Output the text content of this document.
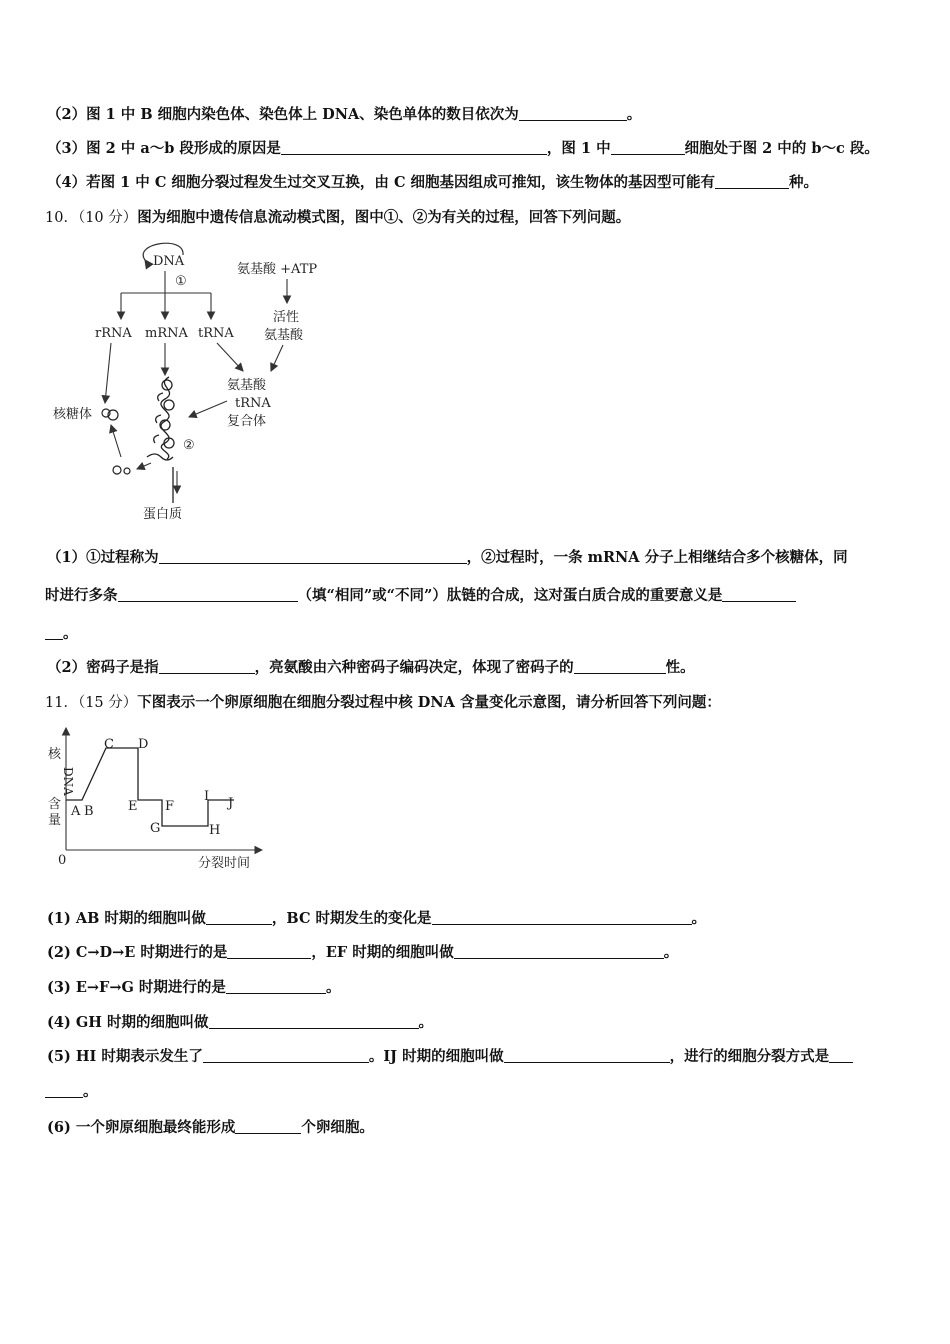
（2）图 1 中 B 细胞内染色体、染色体上 DNA、染色单体的数目依次为	。
（3）图 2 中 a～b 段形成的原因是	，图 1 中	细胞处于图 2 中的 b～c 段。
（4）若图 1 中 C 细胞分裂过程发生过交叉互换，由 C 细胞基因组成可推知，该生物体的基因型可能有	种。
10．（10 分）图为细胞中遗传信息流动模式图，图中①、②为有关的过程，回答下列问题。
DNA
①
rRNA mRNA tRNA
氨基酸 +ATP
活性
氨基酸
氨基酸
tRNA
复合体
②
蛋白质
核糖体
（1）①过程称为	，②过程时，一条 mRNA 分子上相继结合多个核糖体，同
时进行多条	（填“相同”或“不同”）肽链的合成，这对蛋白质合成的重要意义是
。
（2）密码子是指	，亮氨酸由六种密码子编码决定，体现了密码子的	性。
11．（15 分）下图表示一个卵原细胞在细胞分裂过程中核 DNA 含量变化示意图，请分析回答下列问题：
核
DNA
含
量
0	分裂时间
A B
C D
E F
G	H
I J
(1) AB 时期的细胞叫做	，BC 时期发生的变化是	。
(2) C→D→E 时期进行的是	，EF 时期的细胞叫做	。
(3) E→F→G 时期进行的是	。
(4) GH 时期的细胞叫做	。
(5) HI 时期表示发生了	。IJ 时期的细胞叫做	，进行的细胞分裂方式是
。
(6) 一个卵原细胞最终能形成	个卵细胞。
